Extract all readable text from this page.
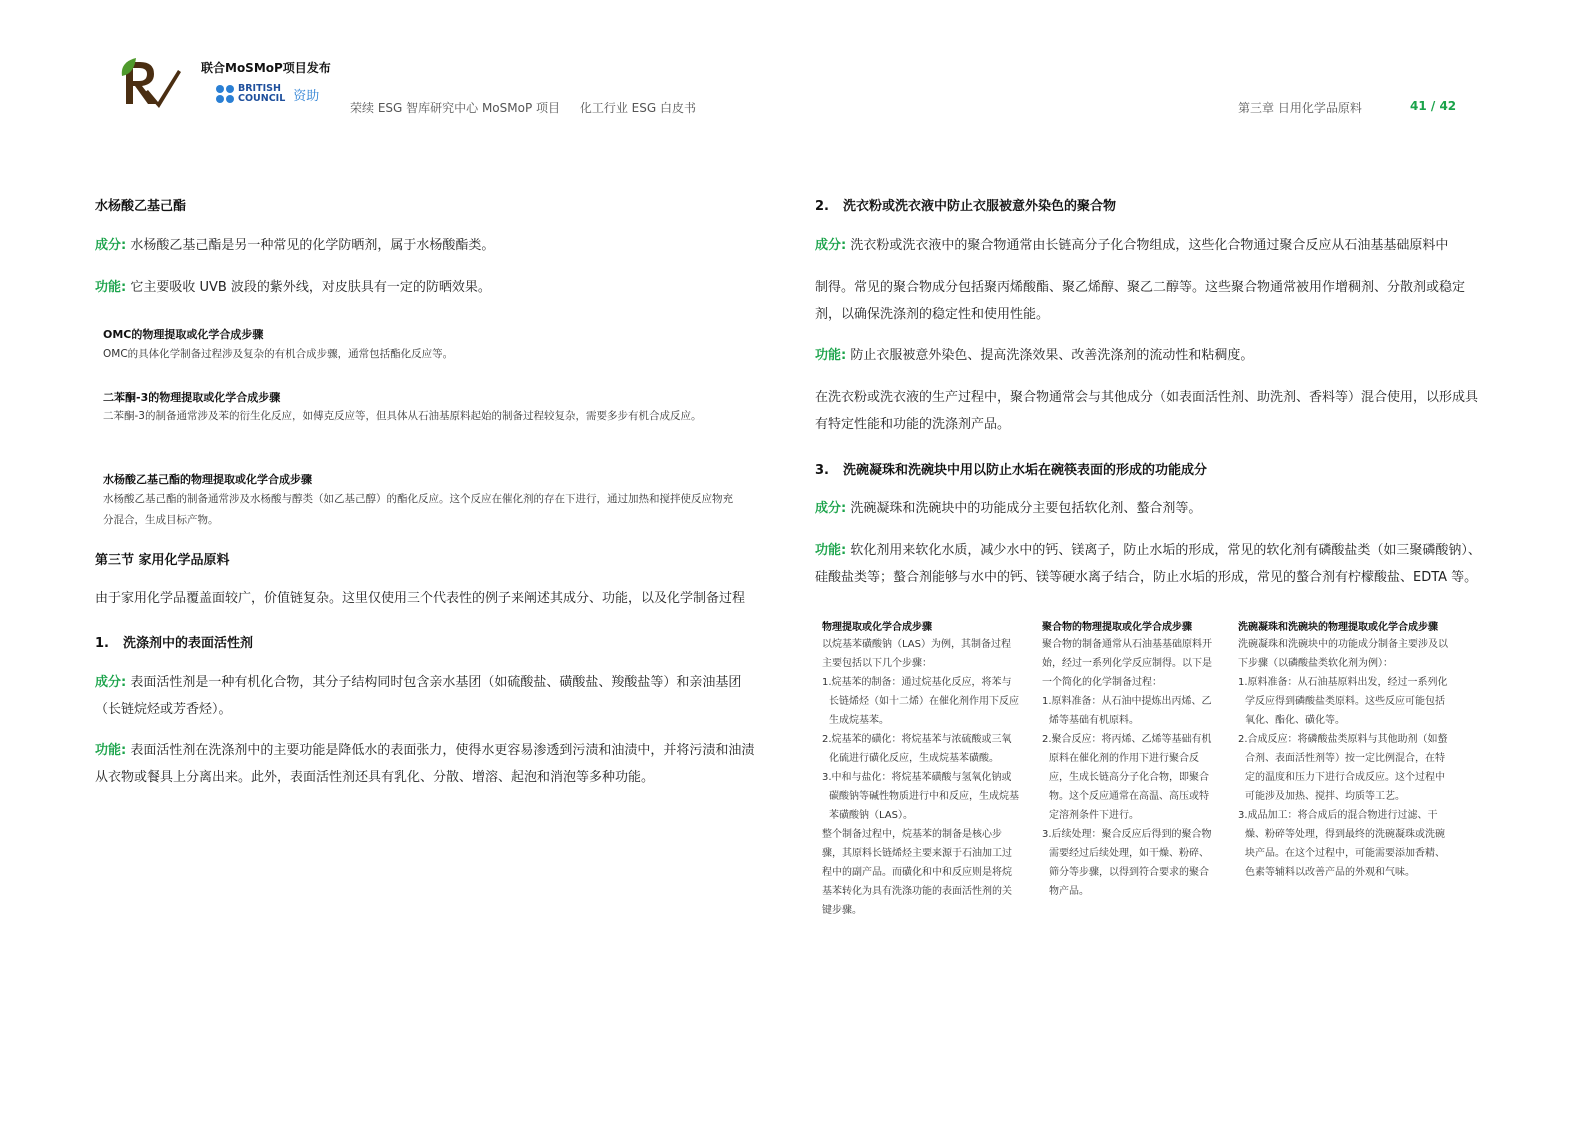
联合MoSMoP项目发布
BRITISH
COUNCIL 资助
荣续 ESG 智库研究中心 MoSMoP 项目 化工行业 ESG 白皮书	第三章 日用化学品原料	41 / 42
水杨酸乙基己酯
成分: 水杨酸乙基己酯是另一种常见的化学防晒剂，属于水杨酸酯类。
功能: 它主要吸收 UVB 波段的紫外线，对皮肤具有一定的防晒效果。
OMC的物理提取或化学合成步骤
OMC的具体化学制备过程涉及复杂的有机合成步骤，通常包括酯化反应等。
二苯酮-3的物理提取或化学合成步骤
二苯酮-3的制备通常涉及苯的衍生化反应，如傅克反应等，但具体从石油基原料起始的制备过程较复杂，需要多步有机合成反应。
水杨酸乙基己酯的物理提取或化学合成步骤
水杨酸乙基己酯的制备通常涉及水杨酸与醇类（如乙基己醇）的酯化反应。这个反应在催化剂的存在下进行，通过加热和搅拌使反应物充分混合，生成目标产物。
第三节 家用化学品原料
由于家用化学品覆盖面较广，价值链复杂。这里仅使用三个代表性的例子来阐述其成分、功能，以及化学制备过程
1. 洗涤剂中的表面活性剂
成分: 表面活性剂是一种有机化合物，其分子结构同时包含亲水基团（如硫酸盐、磺酸盐、羧酸盐等）和亲油基团（长链烷烃或芳香烃）。
功能: 表面活性剂在洗涤剂中的主要功能是降低水的表面张力，使得水更容易渗透到污渍和油渍中，并将污渍和油渍从衣物或餐具上分离出来。此外，表面活性剂还具有乳化、分散、增溶、起泡和消泡等多种功能。
2. 洗衣粉或洗衣液中防止衣服被意外染色的聚合物
成分: 洗衣粉或洗衣液中的聚合物通常由长链高分子化合物组成，这些化合物通过聚合反应从石油基基础原料中
制得。常见的聚合物成分包括聚丙烯酸酯、聚乙烯醇、聚乙二醇等。这些聚合物通常被用作增稠剂、分散剂或稳定剂，以确保洗涤剂的稳定性和使用性能。
功能: 防止衣服被意外染色、提高洗涤效果、改善洗涤剂的流动性和粘稠度。
在洗衣粉或洗衣液的生产过程中，聚合物通常会与其他成分（如表面活性剂、助洗剂、香料等）混合使用，以形成具有特定性能和功能的洗涤剂产品。
3. 洗碗凝珠和洗碗块中用以防止水垢在碗筷表面的形成的功能成分
成分: 洗碗凝珠和洗碗块中的功能成分主要包括软化剂、螯合剂等。
功能: 软化剂用来软化水质，减少水中的钙、镁离子，防止水垢的形成，常见的软化剂有磷酸盐类（如三聚磷酸钠）、硅酸盐类等；螯合剂能够与水中的钙、镁等硬水离子结合，防止水垢的形成，常见的螯合剂有柠檬酸盐、EDTA 等。
物理提取或化学合成步骤
以烷基苯磺酸钠（LAS）为例，其制备过程主要包括以下几个步骤：
1.烷基苯的制备：通过烷基化反应，将苯与长链烯烃（如十二烯）在催化剂作用下反应生成烷基苯。
2.烷基苯的磺化：将烷基苯与浓硫酸或三氧化硫进行磺化反应，生成烷基苯磺酸。
3.中和与盐化：将烷基苯磺酸与氢氧化钠或碳酸钠等碱性物质进行中和反应，生成烷基苯磺酸钠（LAS）。
整个制备过程中，烷基苯的制备是核心步骤，其原料长链烯烃主要来源于石油加工过程中的副产品。而磺化和中和反应则是将烷基苯转化为具有洗涤功能的表面活性剂的关键步骤。
聚合物的物理提取或化学合成步骤
聚合物的制备通常从石油基基础原料开始，经过一系列化学反应制得。以下是一个简化的化学制备过程：
1.原料准备：从石油中提炼出丙烯、乙烯等基础有机原料。
2.聚合反应：将丙烯、乙烯等基础有机原料在催化剂的作用下进行聚合反应，生成长链高分子化合物，即聚合物。这个反应通常在高温、高压或特定溶剂条件下进行。
3.后续处理：聚合反应后得到的聚合物需要经过后续处理，如干燥、粉碎、筛分等步骤，以得到符合要求的聚合物产品。
洗碗凝珠和洗碗块的物理提取或化学合成步骤
洗碗凝珠和洗碗块中的功能成分制备主要涉及以下步骤（以磷酸盐类软化剂为例）：
1.原料准备：从石油基原料出发，经过一系列化学反应得到磷酸盐类原料。这些反应可能包括氧化、酯化、磺化等。
2.合成反应：将磷酸盐类原料与其他助剂（如螯合剂、表面活性剂等）按一定比例混合，在特定的温度和压力下进行合成反应。这个过程中可能涉及加热、搅拌、均质等工艺。
3.成品加工：将合成后的混合物进行过滤、干燥、粉碎等处理，得到最终的洗碗凝珠或洗碗块产品。在这个过程中，可能需要添加香精、色素等辅料以改善产品的外观和气味。
